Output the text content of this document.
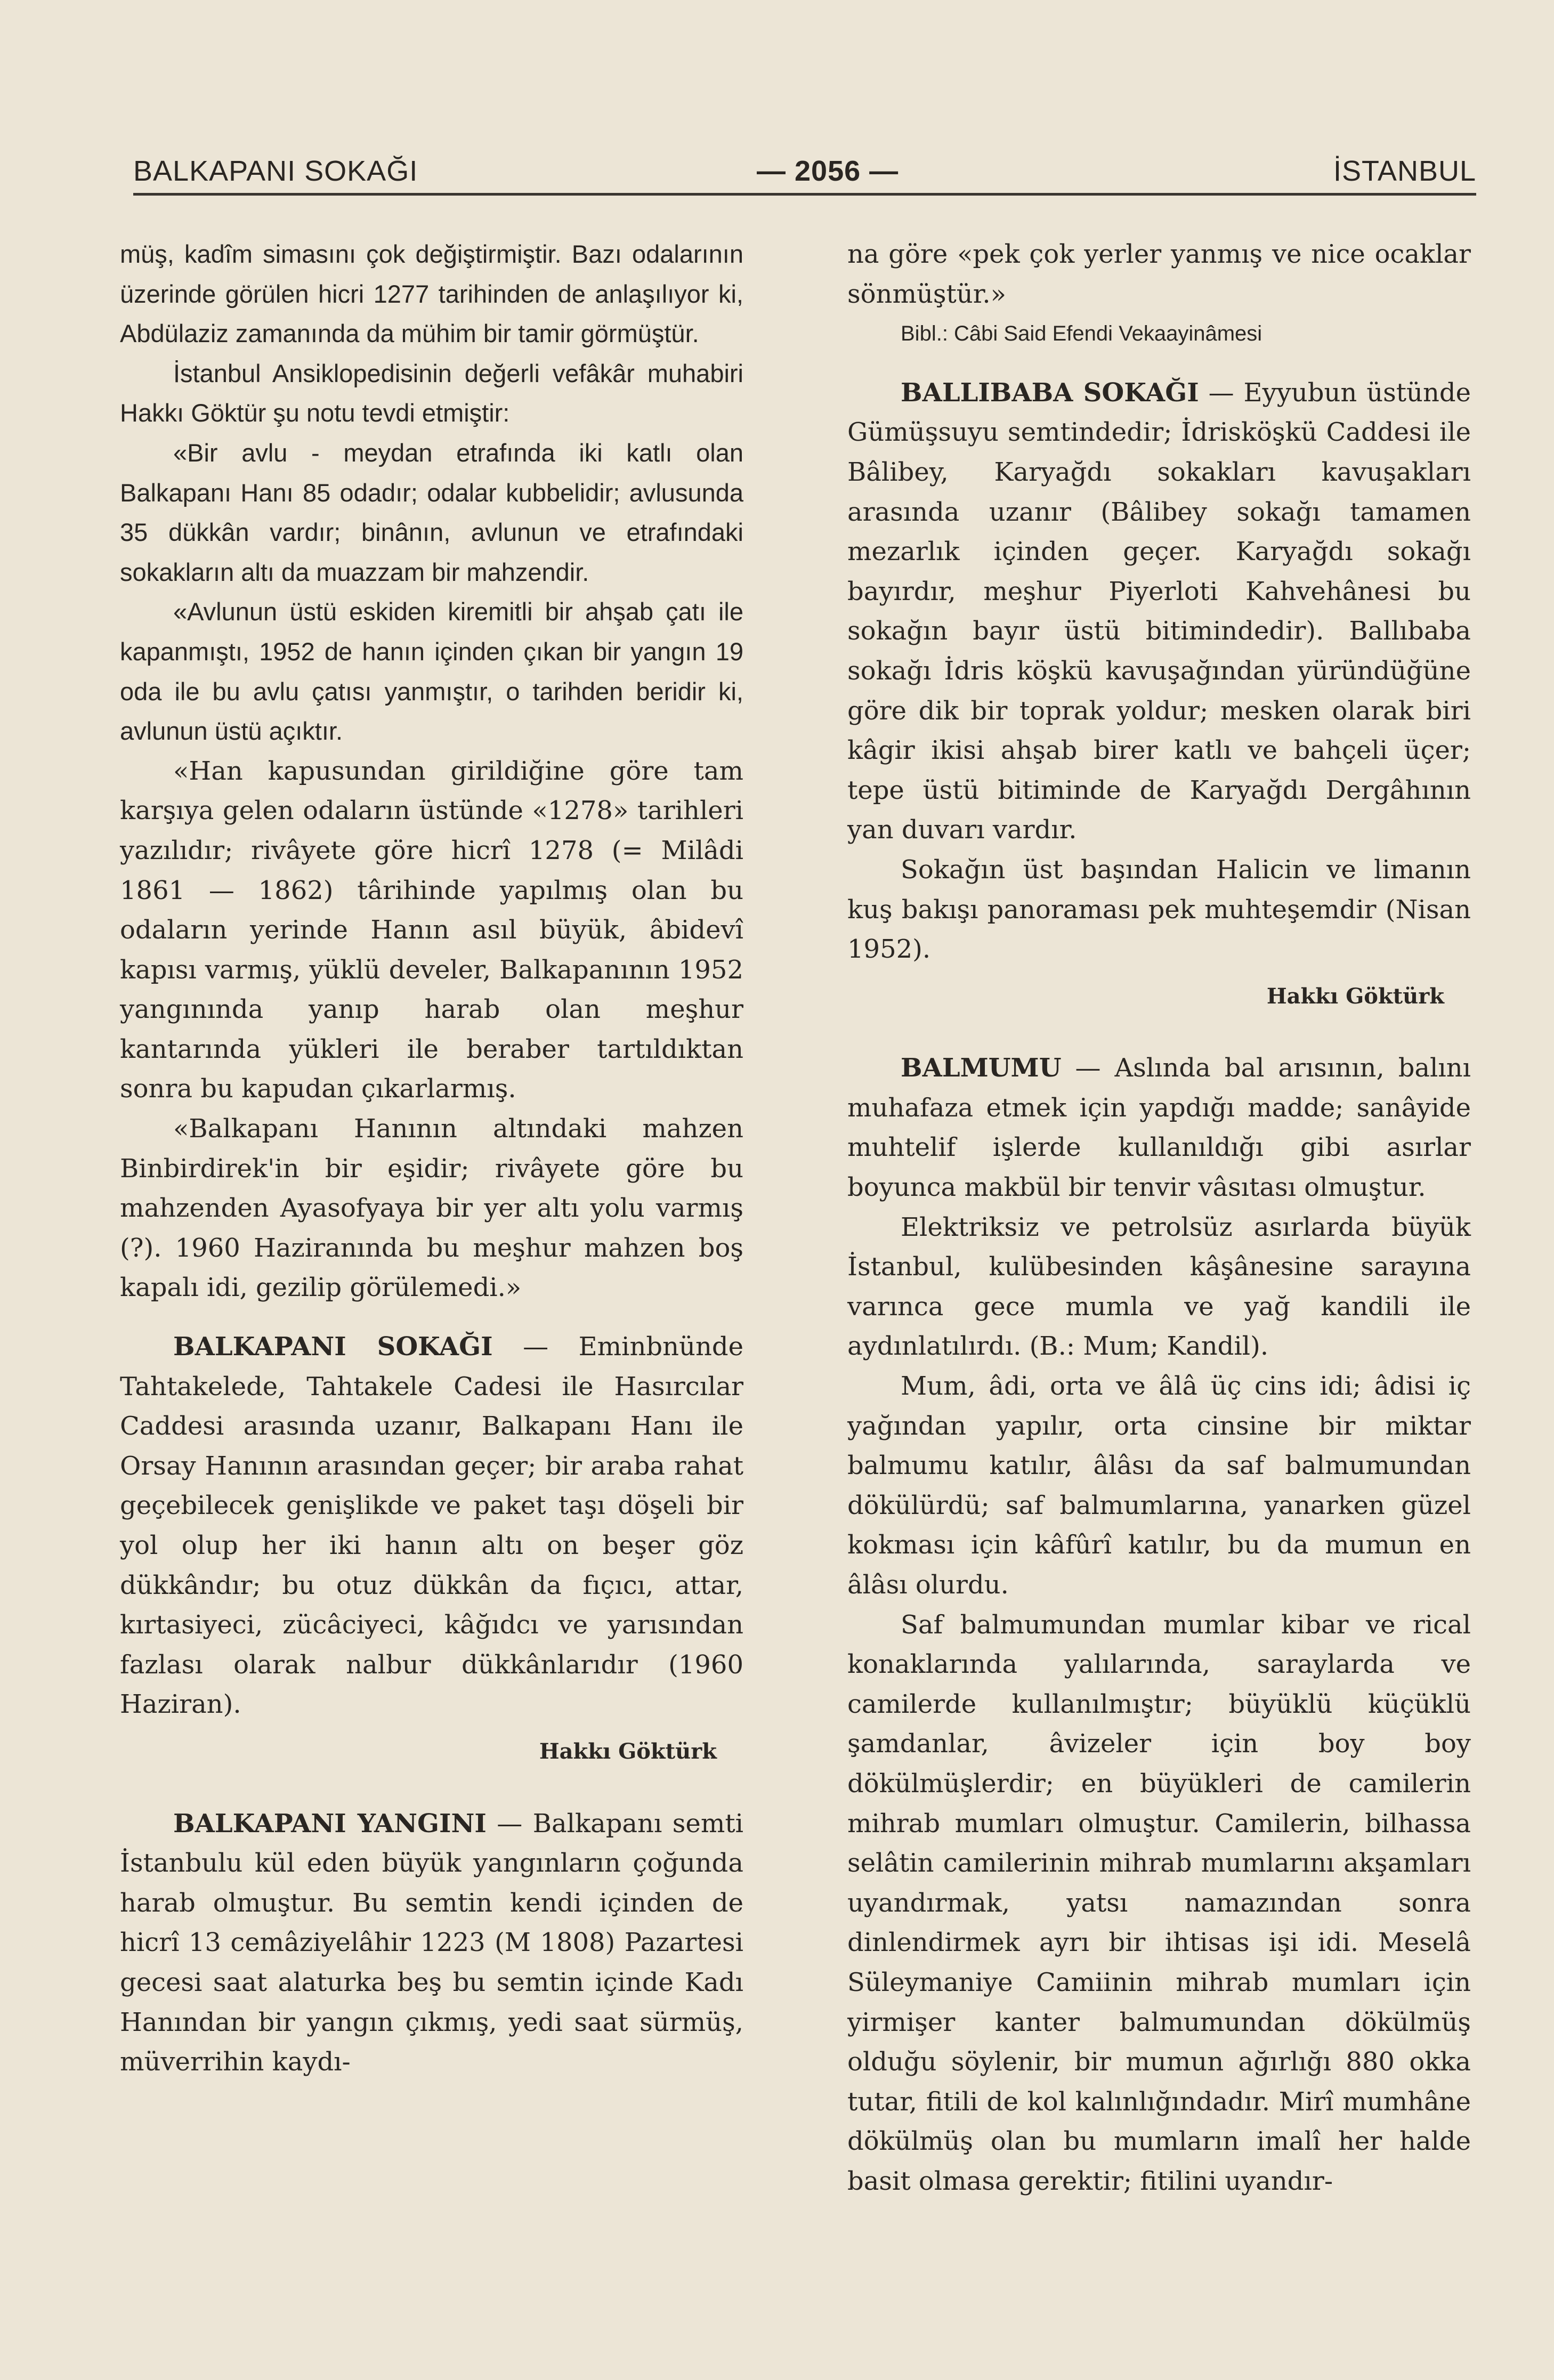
BALKAPANI SOKAĞI	— 2056 —	İSTANBUL

müş, kadîm simasını çok değiştirmiştir. Bazı odalarının üzerinde görülen hicri 1277 tarihinden de anlaşılıyor ki, Abdülaziz zamanında da mühim bir tamir görmüştür.

İstanbul Ansiklopedisinin değerli vefâkâr muhabiri Hakkı Göktür şu notu tevdi etmiştir:

«Bir avlu - meydan etrafında iki katlı olan Balkapanı Hanı 85 odadır; odalar kubbelidir; avlusunda 35 dükkân vardır; binânın, avlunun ve etrafındaki sokakların altı da muazzam bir mahzendir.

«Avlunun üstü eskiden kiremitli bir ahşab çatı ile kapanmıştı, 1952 de hanın içinden çıkan bir yangın 19 oda ile bu avlu çatısı yanmıştır, o tarihden beridir ki, avlunun üstü açıktır.

«Han kapusundan girildiğine göre tam karşıya gelen odaların üstünde «1278» tarihleri yazılıdır; rivâyete göre hicrî 1278 (= Milâdi 1861 — 1862) târihinde yapılmış olan bu odaların yerinde Hanın asıl büyük, âbidevî kapısı varmış, yüklü develer, Balkapanının 1952 yangınında yanıp harab olan meşhur kantarında yükleri ile beraber tartıldıktan sonra bu kapudan çıkarlarmış.

«Balkapanı Hanının altındaki mahzen Binbirdirek'in bir eşidir; rivâyete göre bu mahzenden Ayasofyaya bir yer altı yolu varmış (?). 1960 Haziranında bu meşhur mahzen boş kapalı idi, gezilip görülemedi.»

BALKAPANI SOKAĞI — Eminbnünde Tahtakelede, Tahtakele Cadesi ile Hasırcılar Caddesi arasında uzanır, Balkapanı Hanı ile Orsay Hanının arasından geçer; bir araba rahat geçebilecek genişlikde ve paket taşı döşeli bir yol olup her iki hanın altı on beşer göz dükkândır; bu otuz dükkân da fıçıcı, attar, kırtasiyeci, zücâciyeci, kâğıdcı ve yarısından fazlası olarak nalbur dükkânlarıdır (1960 Haziran).

Hakkı Göktürk

BALKAPANI YANGINI — Balkapanı semti İstanbulu kül eden büyük yangınların çoğunda harab olmuştur. Bu semtin kendi içinden de hicrî 13 cemâziyelâhir 1223 (M 1808) Pazartesi gecesi saat alaturka beş bu semtin içinde Kadı Hanından bir yangın çıkmış, yedi saat sürmüş, müverrihin kaydı-

na göre «pek çok yerler yanmış ve nice ocaklar sönmüştür.»

Bibl.: Câbi Said Efendi Vekaayinâmesi

BALLIBABA SOKAĞI — Eyyubun üstünde Gümüşsuyu semtindedir; İdrisköşkü Caddesi ile Bâlibey, Karyağdı sokakları kavuşakları arasında uzanır (Bâlibey sokağı tamamen mezarlık içinden geçer. Karyağdı sokağı bayırdır, meşhur Piyerloti Kahvehânesi bu sokağın bayır üstü bitimindedir). Ballıbaba sokağı İdris köşkü kavuşağından yüründüğüne göre dik bir toprak yoldur; mesken olarak biri kâgir ikisi ahşab birer katlı ve bahçeli üçer; tepe üstü bitiminde de Karyağdı Dergâhının yan duvarı vardır.

Sokağın üst başından Halicin ve limanın kuş bakışı panoraması pek muhteşemdir (Nisan 1952).

Hakkı Göktürk

BALMUMU — Aslında bal arısının, balını muhafaza etmek için yapdığı madde; sanâyide muhtelif işlerde kullanıldığı gibi asırlar boyunca makbül bir tenvir vâsıtası olmuştur.

Elektriksiz ve petrolsüz asırlarda büyük İstanbul, kulübesinden kâşânesine sarayına varınca gece mumla ve yağ kandili ile aydınlatılırdı. (B.: Mum; Kandil).

Mum, âdi, orta ve âlâ üç cins idi; âdisi iç yağından yapılır, orta cinsine bir miktar balmumu katılır, âlâsı da saf balmumundan dökülürdü; saf balmumlarına, yanarken güzel kokması için kâfûrî katılır, bu da mumun en âlâsı olurdu.

Saf balmumundan mumlar kibar ve rical konaklarında yalılarında, saraylarda ve camilerde kullanılmıştır; büyüklü küçüklü şamdanlar, âvizeler için boy boy dökülmüşlerdir; en büyükleri de camilerin mihrab mumları olmuştur. Camilerin, bilhassa selâtin camilerinin mihrab mumlarını akşamları uyandırmak, yatsı namazından sonra dinlendirmek ayrı bir ihtisas işi idi. Meselâ Süleymaniye Camiinin mihrab mumları için yirmişer kanter balmumundan dökülmüş olduğu söylenir, bir mumun ağırlığı 880 okka tutar, fitili de kol kalınlığındadır. Mirî mumhâne dökülmüş olan bu mumların imalî her halde basit olmasa gerektir; fitilini uyandır-
